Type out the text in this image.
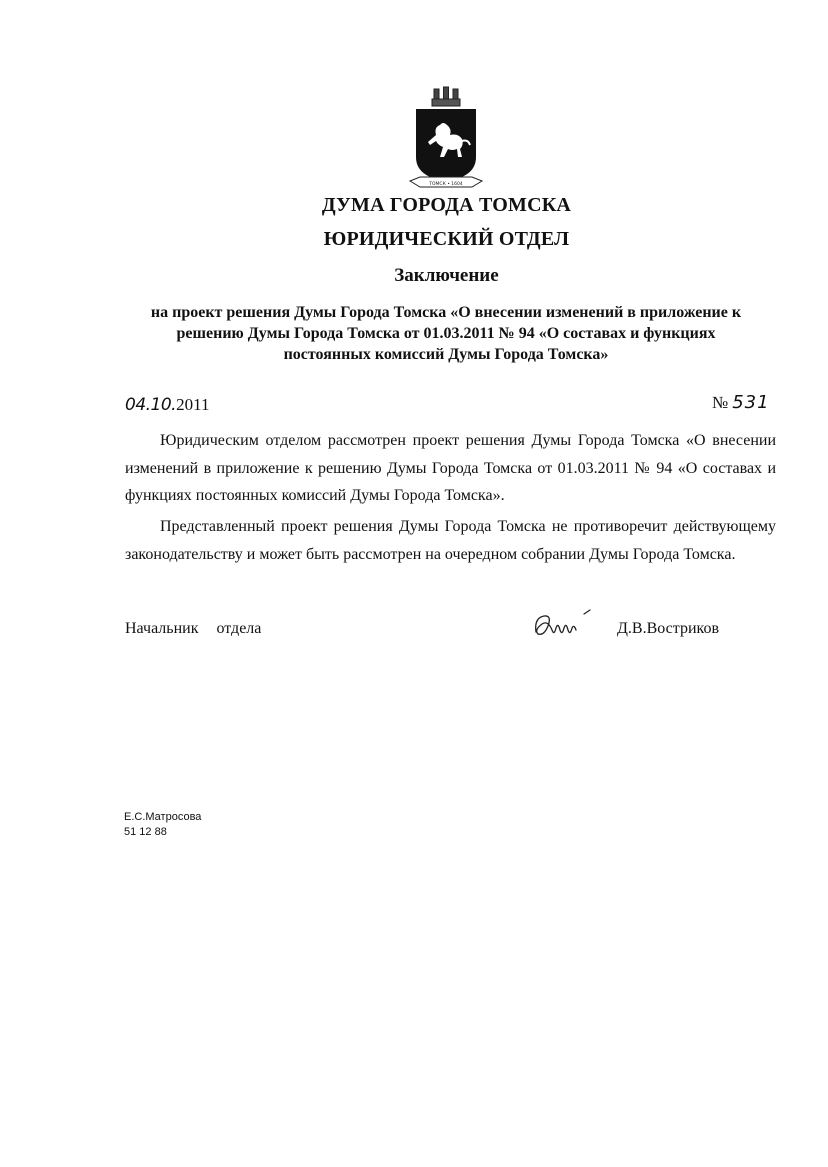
ТОМСК • 1604
ДУМА ГОРОДА ТОМСКА
ЮРИДИЧЕСКИЙ ОТДЕЛ
Заключение
на проект решения Думы Города Томска «О внесении изменений в приложение к
решению Думы Города Томска от 01.03.2011 № 94 «О составах и функциях
постоянных комиссий Думы Города Томска»
04.10.2011	№ 531
Юридическим отделом рассмотрен проект решения Думы Города Томска «О внесении изменений в приложение к решению Думы Города Томска от 01.03.2011 № 94 «О составах и функциях постоянных комиссий Думы Города Томска».
Представленный проект решения Думы Города Томска не противоречит действующему законодательству и может быть рассмотрен на очередном собрании Думы Города Томска.
Начальник отдела	Д.В.Востриков
Е.С.Матросова
51 12 88
